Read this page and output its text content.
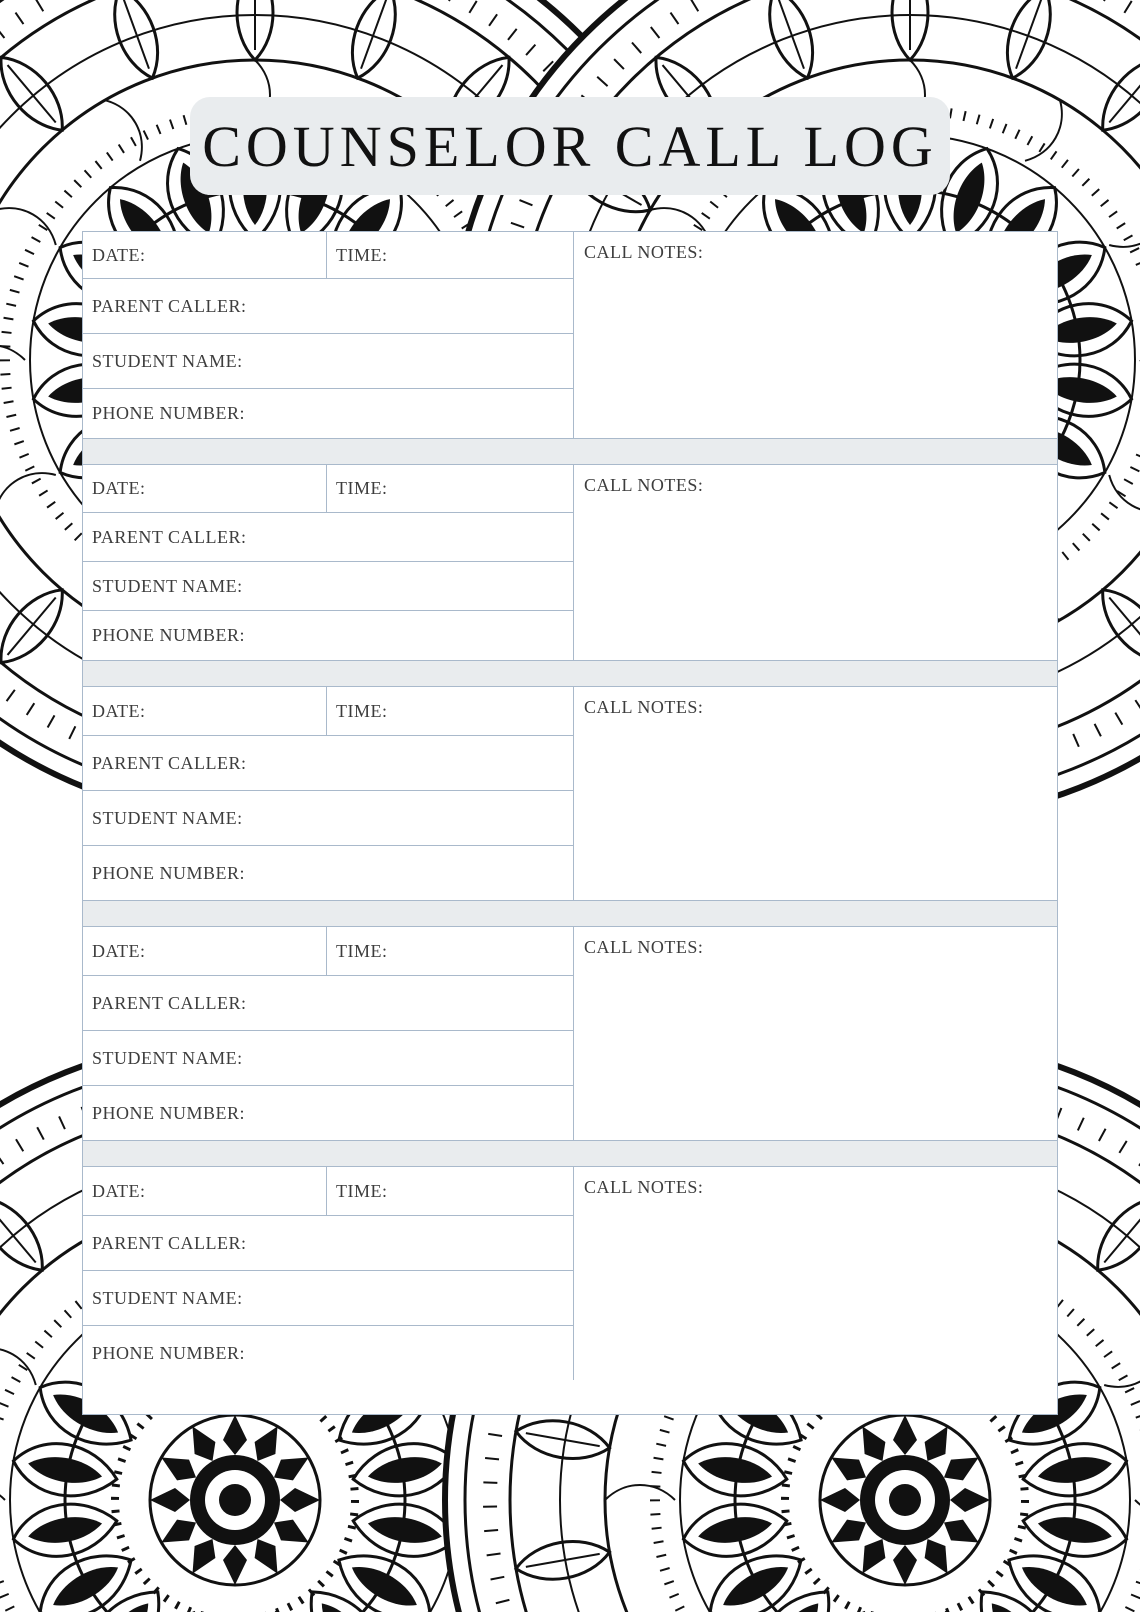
COUNSELOR CALL LOG
DATE:	TIME:
PARENT CALLER:
STUDENT NAME:
PHONE NUMBER:
CALL NOTES:
DATE:	TIME:
PARENT CALLER:
STUDENT NAME:
PHONE NUMBER:
CALL NOTES:
DATE:	TIME:
PARENT CALLER:
STUDENT NAME:
PHONE NUMBER:
CALL NOTES:
DATE:	TIME:
PARENT CALLER:
STUDENT NAME:
PHONE NUMBER:
CALL NOTES:
DATE:	TIME:
PARENT CALLER:
STUDENT NAME:
PHONE NUMBER:
CALL NOTES:
